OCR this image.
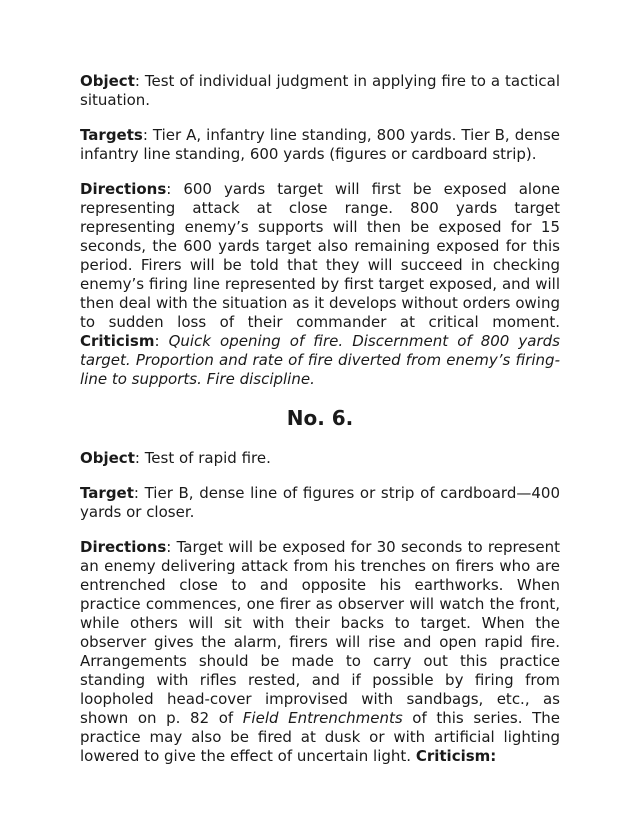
Object: Test of individual judgment in applying fire to a tactical situation.

Targets: Tier A, infantry line standing, 800 yards. Tier B, dense infantry line standing, 600 yards (figures or cardboard strip).

Directions: 600 yards target will first be exposed alone representing attack at close range. 800 yards target representing enemy’s supports will then be exposed for 15 seconds, the 600 yards target also remaining exposed for this period. Firers will be told that they will succeed in checking enemy’s firing line represented by first target exposed, and will then deal with the situation as it develops without orders owing to sudden loss of their commander at critical moment. Criticism: Quick opening of fire. Discernment of 800 yards target. Proportion and rate of fire diverted from enemy’s firing-line to supports. Fire discipline.

No. 6.

Object: Test of rapid fire.

Target: Tier B, dense line of figures or strip of cardboard—400 yards or closer.

Directions: Target will be exposed for 30 seconds to represent an enemy delivering attack from his trenches on firers who are entrenched close to and opposite his earthworks. When practice commences, one firer as observer will watch the front, while others will sit with their backs to target. When the observer gives the alarm, firers will rise and open rapid fire. Arrangements should be made to carry out this practice standing with rifles rested, and if possible by firing from loopholed head-cover improvised with sandbags, etc., as shown on p. 82 of Field Entrenchments of this series. The practice may also be fired at dusk or with artificial lighting lowered to give the effect of uncertain light. Criticism:
